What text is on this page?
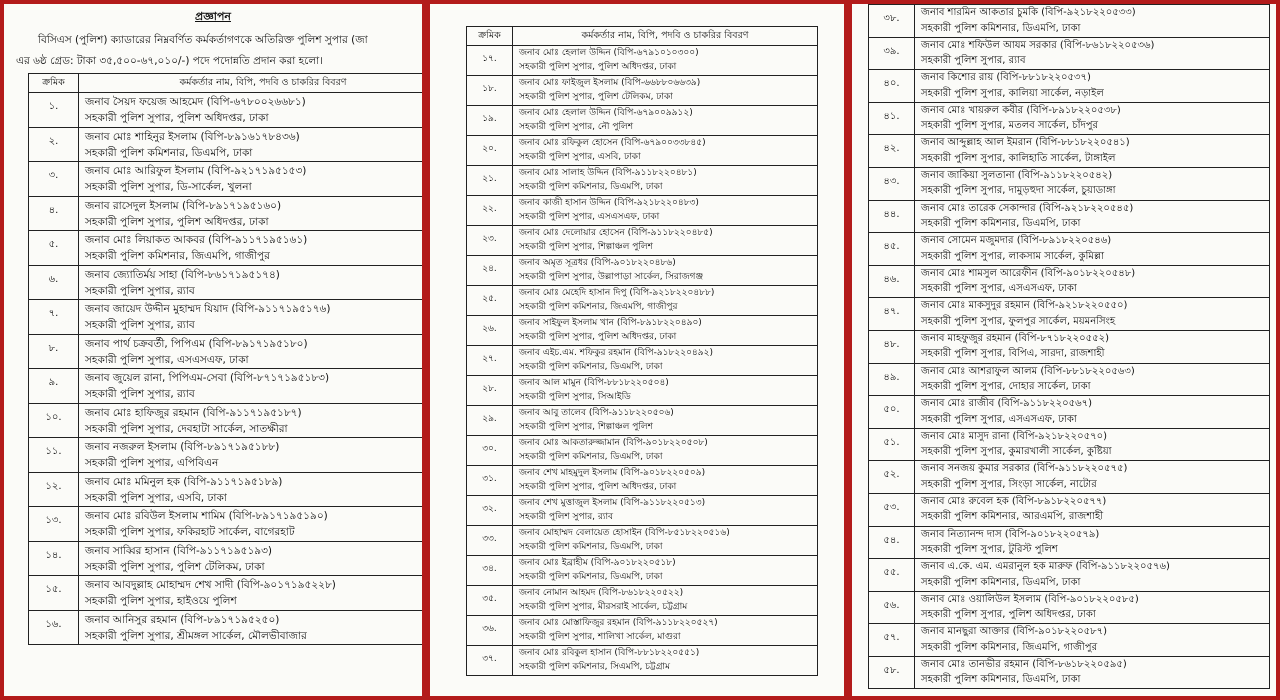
প্রজ্ঞাপন
বিসিএস (পুলিশ) ক্যাডারের নিম্নবর্ণিত কর্মকর্তাগণকে অতিরিক্ত পুলিশ সুপার (জা
এর ৬ষ্ঠ গ্রেড: টাকা ৩৫,৫০০-৬৭,০১০/-) পদে পদোন্নতি প্রদান করা হলো।
ক্রমিক	কর্মকর্তার নাম, বিপি, পদবি ও চাকরির বিবরণ
১.	জনাব সৈয়দ ফয়েজ আহমেদ (বিপি-৬৭৮০০২৬৬৮১)
সহকারী পুলিশ সুপার, পুলিশ অধিদপ্তর, ঢাকা

২.	জনাব মোঃ শাহিনুর ইসলাম (বিপি-৮৯১৬১৭৮৪৩৬)
সহকারী পুলিশ কমিশনার, ডিএমপি, ঢাকা

৩.	জনাব মোঃ আরিফুল ইসলাম (বিপি-৯২১৭১৯৫১৫৩)
সহকারী পুলিশ সুপার, ডি-সার্কেল, খুলনা

৪.	জনাব রাসেদুল ইসলাম (বিপি-৮৯১৭১৯৫১৬০)
সহকারী পুলিশ সুপার, পুলিশ অধিদপ্তর, ঢাকা

৫.	জনাব মোঃ লিয়াকত আকবর (বিপি-৯১১৭১৯৫১৬১)
সহকারী পুলিশ কমিশনার, জিএমপি, গাজীপুর

৬.	জনাব জ্যোতির্ময় সাহা (বিপি-৮৬১৭১৯৫১৭৪)
সহকারী পুলিশ সুপার, র‍্যাব

৭.	জনাব জায়েদ উদ্দীন মুহাম্মদ যিয়াদ (বিপি-৯১১৭১৯৫১৭৬)
সহকারী পুলিশ সুপার, র‍্যাব

৮.	জনাব পার্থ চক্রবর্তী, পিপিএম (বিপি-৮৯১৭১৯৫১৮০)
সহকারী পুলিশ সুপার, এসএসএফ, ঢাকা

৯.	জনাব জুয়েল রানা, পিপিএম-সেবা (বিপি-৮৭১৭১৯৫১৮৩)
সহকারী পুলিশ সুপার, র‍্যাব

১০.	জনাব মোঃ হাফিজুর রহমান (বিপি-৯১১৭১৯৫১৮৭)
সহকারী পুলিশ সুপার, দেবহাটা সার্কেল, সাতক্ষীরা

১১.	জনাব নজরুল ইসলাম (বিপি-৮৯১৭১৯৫১৮৮)
সহকারী পুলিশ সুপার, এপিবিএন

১২.	জনাব মোঃ মমিনুল হক (বিপি-৯১১৭১৯৫১৮৯)
সহকারী পুলিশ সুপার, এসবি, ঢাকা

১৩.	জনাব মোঃ রবিউল ইসলাম শামিম (বিপি-৮৯১৭১৯৫১৯০)
সহকারী পুলিশ সুপার, ফকিরহাট সার্কেল, বাগেরহাট

১৪.	জনাব সাব্বির হাসান (বিপি-৯১১৭১৯৫১৯৩)
সহকারী পুলিশ সুপার, পুলিশ টেলিকম, ঢাকা

১৫.	জনাব আবদুল্লাহ মোহাম্মদ শেখ সাদী (বিপি-৯০১৭১৯৫২২৮)
সহকারী পুলিশ সুপার, হাইওয়ে পুলিশ

১৬.	জনাব আনিসুর রহমান (বিপি-৮৯১৭১৯৫২৫০)
সহকারী পুলিশ সুপার, শ্রীমঙ্গল সার্কেল, মৌলভীবাজার
ক্রমিক	কর্মকর্তার নাম, বিপি, পদবি ও চাকরির বিবরণ
১৭.	জনাব মোঃ হেলাল উদ্দিন (বিপি-৬৭৯১০১০৩০০)
সহকারী পুলিশ সুপার, পুলিশ অধিদপ্তর, ঢাকা

১৮.	জনাব মোঃ ফাইজুল ইসলাম (বিপি-৬৬৮৮০৬৬৩৯)
সহকারী পুলিশ সুপার, পুলিশ টেলিকম, ঢাকা

১৯.	জনাব মোঃ হেলাল উদ্দিন (বিপি-৬৭৯০০৯৯১২)
সহকারী পুলিশ সুপার, নৌ পুলিশ

২০.	জনাব মোঃ রফিকুল হোসেন (বিপি-৬৭৯০০৩৩৮৪৫)
সহকারী পুলিশ সুপার, এসবি, ঢাকা

২১.	জনাব মোঃ সালাহ উদ্দিন (বিপি-৯১১৮২২০৪৮১)
সহকারী পুলিশ কমিশনার, ডিএমপি, ঢাকা

২২.	জনাব কাজী হাসান উদ্দিন (বিপি-৯২১৮২২০৪৮৩)
সহকারী পুলিশ সুপার, এসএসএফ, ঢাকা

২৩.	জনাব মোঃ দেলোয়ার হোসেন (বিপি-৯১১৮২২০৪৮৫)
সহকারী পুলিশ সুপার, শিল্পাঞ্চল পুলিশ

২৪.	জনাব অমৃত সূত্রধর (বিপি-৯০১৮২২০৪৮৬)
সহকারী পুলিশ সুপার, উল্লাপাড়া সার্কেল, সিরাজগঞ্জ

২৫.	জনাব মোঃ মেহেদি হাসান দিপু (বিপি-৯২১৮২২০৪৮৮)
সহকারী পুলিশ কমিশনার, জিএমপি, গাজীপুর

২৬.	জনাব সাইফুল ইসলাম খান (বিপি-৮৯১৮২২০৪৯০)
সহকারী পুলিশ সুপার, পুলিশ অধিদপ্তর, ঢাকা

২৭.	জনাব এইচ.এম. শফিকুর রহমান (বিপি-৯১৮২২০৪৯২)
সহকারী পুলিশ কমিশনার, ডিএমপি, ঢাকা

২৮.	জনাব আল মামুন (বিপি-৮৮১৮২২০৫০৪)
সহকারী পুলিশ সুপার, সিআইডি

২৯.	জনাব আবু তালেব (বিপি-৯১১৮২২০৫০৬)
সহকারী পুলিশ সুপার, শিল্পাঞ্চল পুলিশ

৩০.	জনাব মোঃ আকতারুজ্জামান (বিপি-৯০১৮২২০৫০৮)
সহকারী পুলিশ কমিশনার, ডিএমপি, ঢাকা

৩১.	জনাব শেখ মাহমুদুল ইসলাম (বিপি-৯০১৮২২০৫০৯)
সহকারী পুলিশ সুপার, পুলিশ অধিদপ্তর, ঢাকা

৩২.	জনাব শেখ মুত্তাজুল ইসলাম (বিপি-৯১১৮২২০৫১৩)
সহকারী পুলিশ সুপার, র‍্যাব

৩৩.	জনাব মোহাম্মদ বেলায়েত হোসাইন (বিপি-৮৫১৮২২০৫১৬)
সহকারী পুলিশ কমিশনার, ডিএমপি, ঢাকা

৩৪.	জনাব মোঃ ইব্রাহীম (বিপি-৯০১৮২২০৫১৮)
সহকারী পুলিশ কমিশনার, ডিএমপি, ঢাকা

৩৫.	জনাব নোমান আহমদ (বিপি-৮৬১৮২২০৫২২)
সহকারী পুলিশ সুপার, মীরসরাই সার্কেল, চট্টগ্রাম

৩৬.	জনাব মোঃ মোস্তাফিজুর রহমান (বিপি-৯১১৮২২০৫২৭)
সহকারী পুলিশ সুপার, শালিখা সার্কেল, মাগুরা

৩৭.	জনাব মোঃ রবিকুল হাসান (বিপি-৮৮১৮২২০৫৫১)
সহকারী পুলিশ কমিশনার, সিএমপি, চট্টগ্রাম
৩৮.	জনাব শারমিন আকতার চুমকি (বিপি-৯২১৮২২০৫৩৩)
সহকারী পুলিশ কমিশনার, ডিএমপি, ঢাকা

৩৯.	জনাব মোঃ শফিউল আযম সরকার (বিপি-৮৬১৮২২০৫৩৬)
সহকারী পুলিশ সুপার, র‍্যাব

৪০.	জনাব কিশোর রায় (বিপি-৮৮১৮২২০৫৩৭)
সহকারী পুলিশ সুপার, কালিয়া সার্কেল, নড়াইল

৪১.	জনাব মোঃ খায়রুল কবীর (বিপি-৮৯১৮২২০৫৩৮)
সহকারী পুলিশ সুপার, মতলব সার্কেল, চাঁদপুর

৪২.	জনাব আব্দুল্লাহ আল ইমরান (বিপি-৮৮১৮২২০৫৪১)
সহকারী পুলিশ সুপার, কালিহাতি সার্কেল, টাঙ্গাইল

৪৩.	জনাব জাকিয়া সুলতানা (বিপি-৯১১৮২২০৫৪২)
সহকারী পুলিশ সুপার, দামুড়হুদা সার্কেল, চুয়াডাঙ্গা

৪৪.	জনাব মোঃ তারেক সেকান্দার (বিপি-৯২১৮২২০৫৪৫)
সহকারী পুলিশ কমিশনার, ডিএমপি, ঢাকা

৪৫.	জনাব সোমেন মজুমদার (বিপি-৮৯১৮২২০৫৪৬)
সহকারী পুলিশ সুপার, লাকসাম সার্কেল, কুমিল্লা

৪৬.	জনাব মোঃ শামসুল আরেফীন (বিপি-৯০১৮২২০৫৪৮)
সহকারী পুলিশ সুপার, এসএসএফ, ঢাকা

৪৭.	জনাব মোঃ মাকসুদুর রহমান (বিপি-৯২১৮২২০৫৫০)
সহকারী পুলিশ সুপার, ফুলপুর সার্কেল, ময়মনসিংহ

৪৮.	জনাব মাহফুজুর রহমান (বিপি-৮৭১৮২২০৫৫২)
সহকারী পুলিশ সুপার, বিপিএ, সারদা, রাজশাহী

৪৯.	জনাব মোঃ আশরাফুল আলম (বিপি-৮৮১৮২২০৫৬৩)
সহকারী পুলিশ সুপার, দোহার সার্কেল, ঢাকা

৫০.	জনাব মোঃ রাজীব (বিপি-৯১১৮২২০৫৬৭)
সহকারী পুলিশ সুপার, এসএসএফ, ঢাকা

৫১.	জনাব মোঃ মাসুদ রানা (বিপি-৯২১৮২২০৫৭০)
সহকারী পুলিশ সুপার, কুমারখালী সার্কেল, কুষ্টিয়া

৫২.	জনাব সনজয় কুমার সরকার (বিপি-৯১১৮২২০৫৭৫)
সহকারী পুলিশ সুপার, সিংড়া সার্কেল, নাটোর

৫৩.	জনাব মোঃ রুবেল হক (বিপি-৮৯১৮২২০৫৭৭)
সহকারী পুলিশ কমিশনার, আরএমপি, রাজশাহী

৫৪.	জনাব নিত্যানন্দ দাস (বিপি-৯০১৮২২০৫৭৯)
সহকারী পুলিশ সুপার, টুরিস্ট পুলিশ

৫৫.	জনাব এ.কে. এম. এমরানুল হক মারুফ (বিপি-৯১১৮২২০৫৭৬)
সহকারী পুলিশ কমিশনার, ডিএমপি, ঢাকা

৫৬.	জনাব মোঃ ওয়ালিউল ইসলাম (বিপি-৯০১৮২২০৫৮৫)
সহকারী পুলিশ সুপার, পুলিশ অধিদপ্তর, ঢাকা

৫৭.	জনাব মানছুরা আক্তার (বিপি-৯০১৮২২০৫৮৭)
সহকারী পুলিশ কমিশনার, জিএমপি, গাজীপুর

৫৮.	জনাব মোঃ তানভীর রহমান (বিপি-৮৬১৮২২০৫৯৫)
সহকারী পুলিশ কমিশনার, ডিএমপি, ঢাকা
